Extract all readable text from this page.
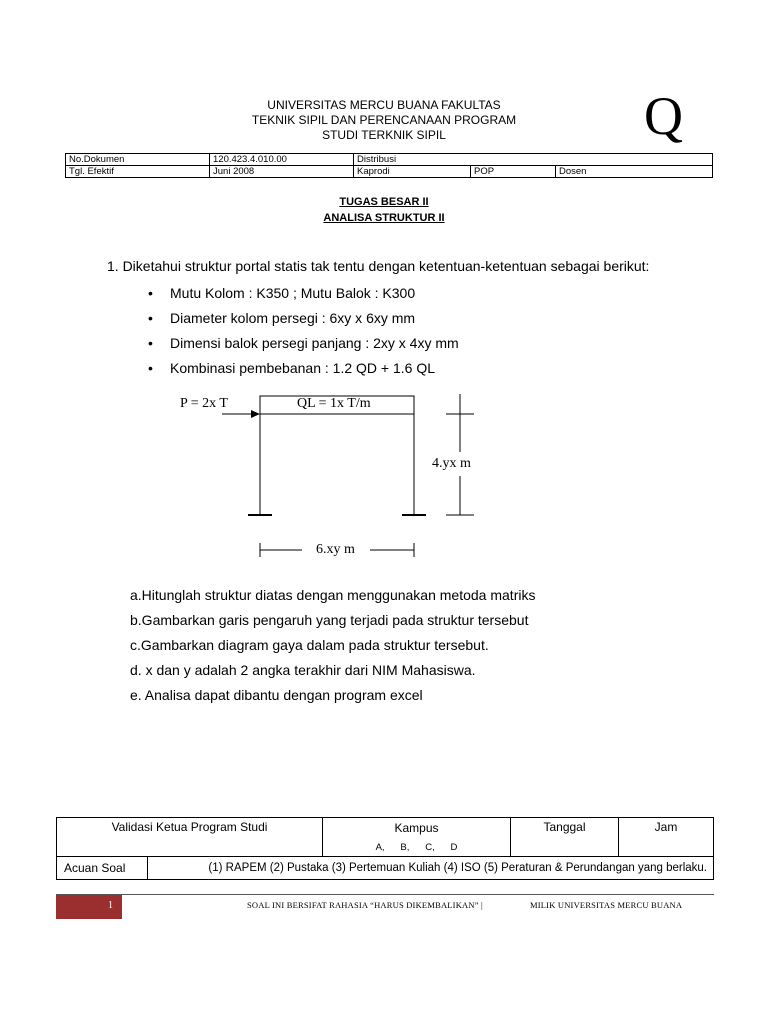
UNIVERSITAS MERCU BUANA FAKULTAS
TEKNIK SIPIL DAN PERENCANAAN PROGRAM
STUDI TERKNIK SIPIL	Q
No.Dokumen	120.423.4.010.00	Distribusi		
Tgl. Efektif	Juni 2008	Kaprodi	POP	Dosen
TUGAS BESAR II
ANALISA STRUKTUR II
1. Diketahui struktur portal statis tak tentu dengan ketentuan-ketentuan sebagai berikut:
• Mutu Kolom : K350 ; Mutu Balok : K300
• Diameter kolom persegi : 6xy x 6xy mm
• Dimensi balok persegi panjang : 2xy x 4xy mm
• Kombinasi pembebanan : 1.2 QD + 1.6 QL
P = 2x T	QL = 1x T/m
4.yx m
6.xy m
a.Hitunglah struktur diatas dengan menggunakan metoda matriks
b.Gambarkan garis pengaruh yang terjadi pada struktur tersebut
c.Gambarkan diagram gaya dalam pada struktur tersebut.
d. x dan y adalah 2 angka terakhir dari NIM Mahasiswa.
e. Analisa dapat dibantu dengan program excel
Validasi Ketua Program Studi	Kampus	Tanggal	Jam
A,      B,      C,      D

Acuan Soal	(1) RAPEM (2) Pustaka (3) Pertemuan Kuliah (4) ISO (5) Peraturan & Perundangan yang berlaku.
1	SOAL INI BERSIFAT RAHASIA “HARUS DIKEMBALIKAN” |	MILIK UNIVERSITAS MERCU BUANA
